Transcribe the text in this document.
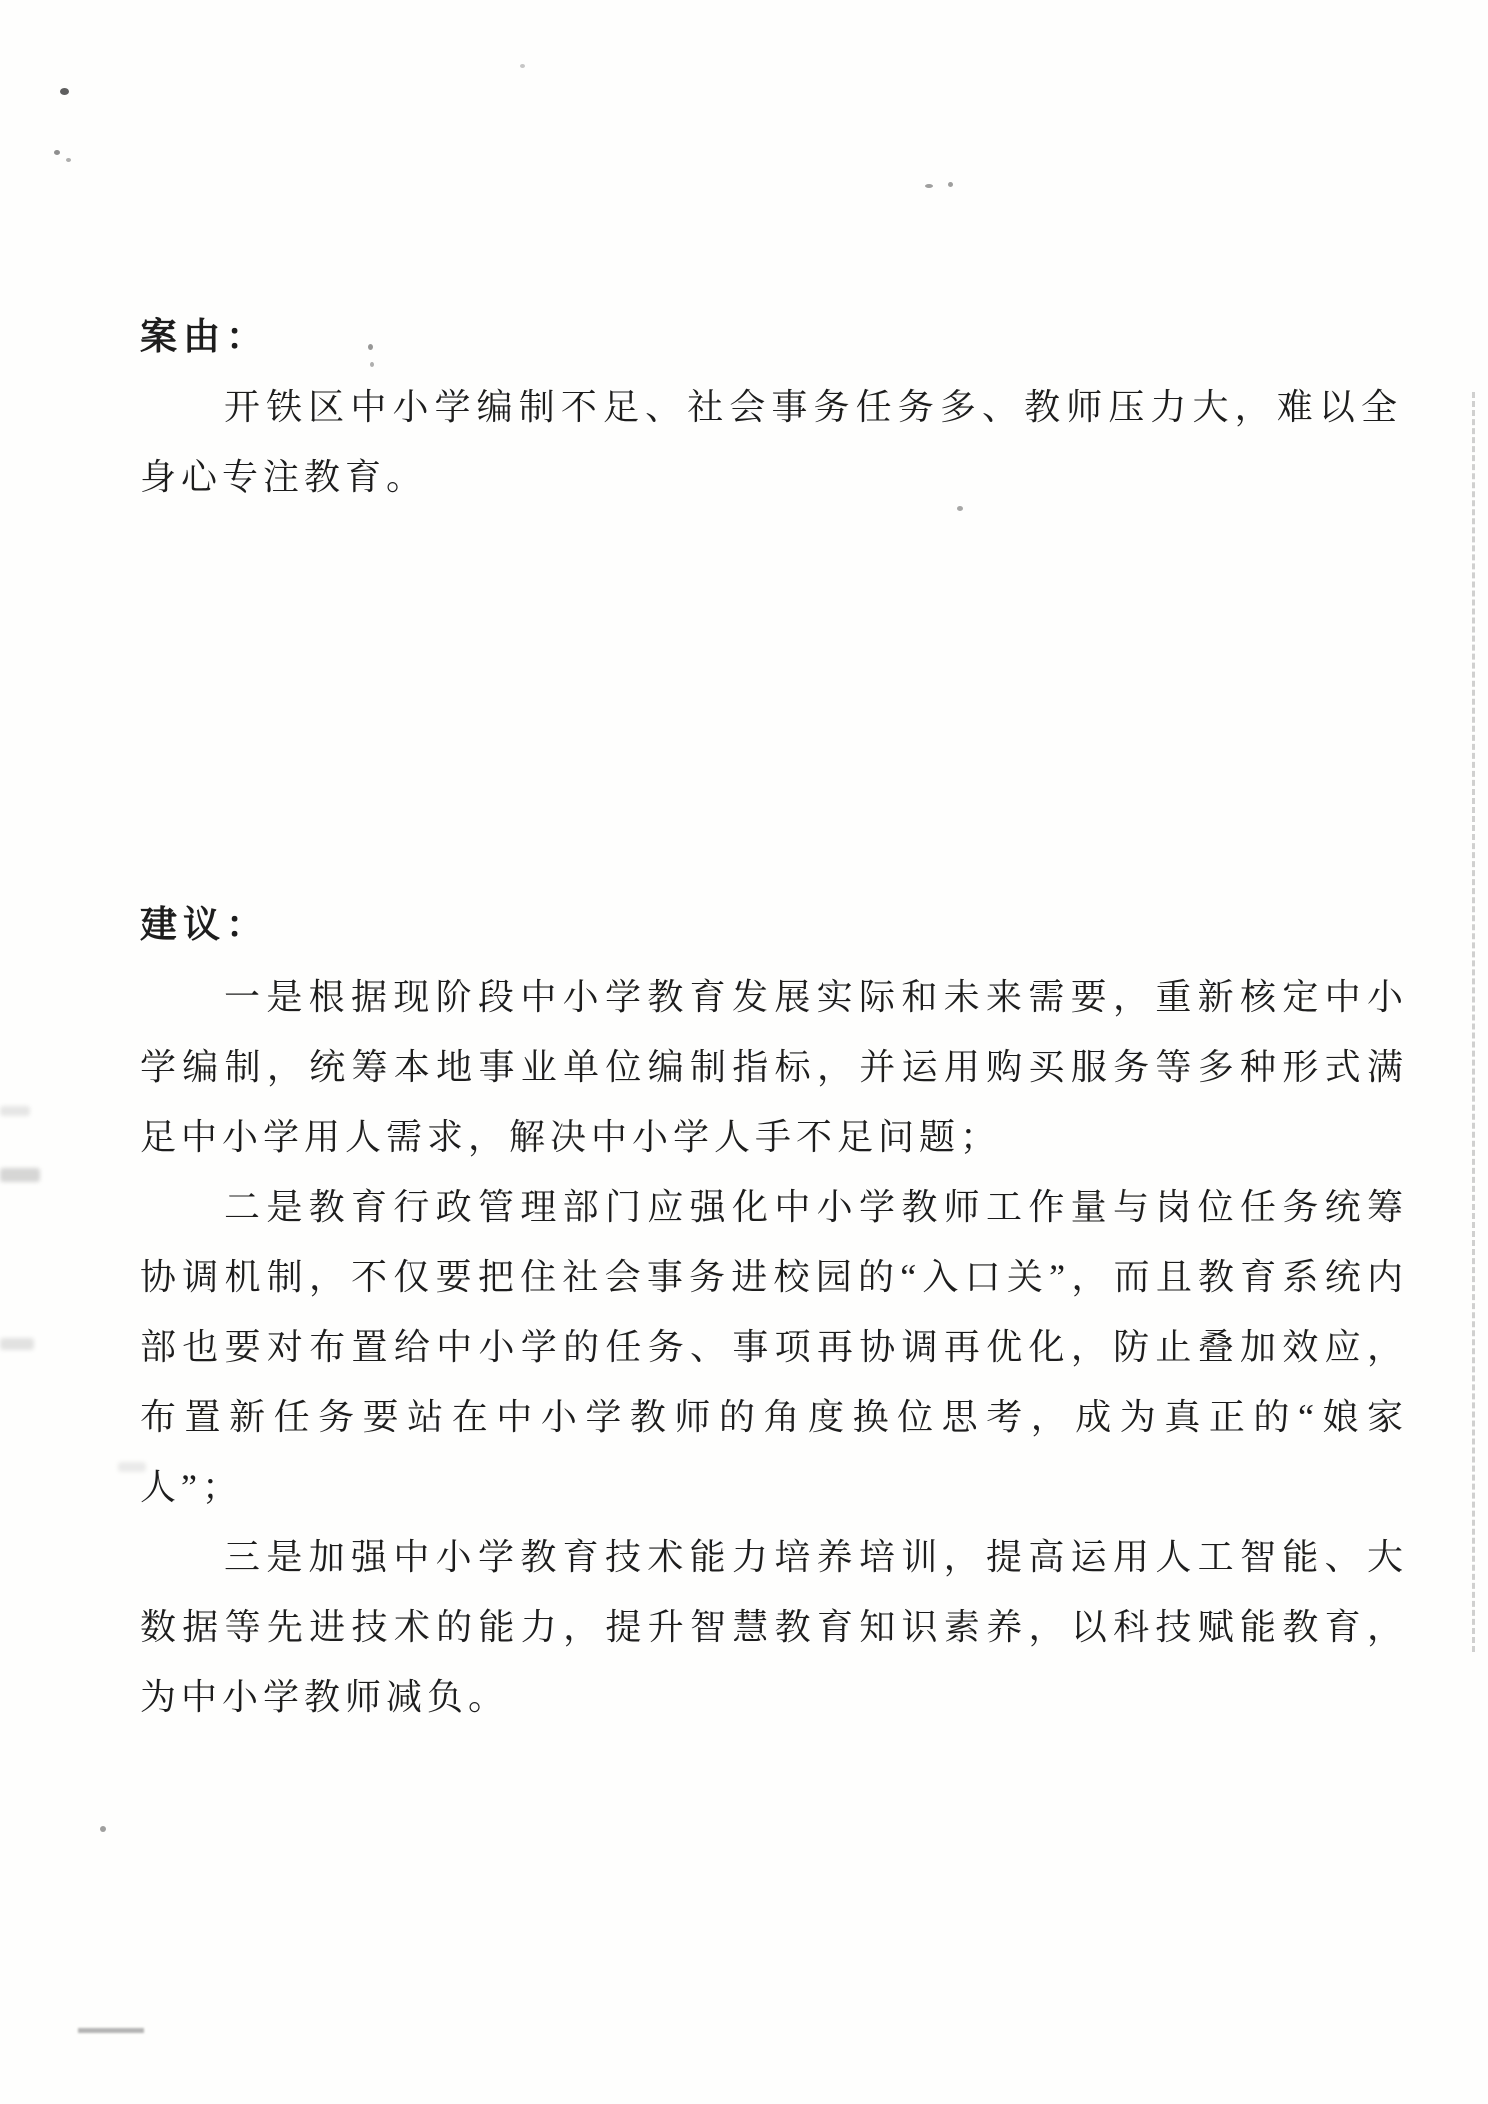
案由：

开铁区中小学编制不足、社会事务任务多、教师压力大，难以全身心专注教育。

建议：

一是根据现阶段中小学教育发展实际和未来需要，重新核定中小学编制，统筹本地事业单位编制指标，并运用购买服务等多种形式满足中小学用人需求，解决中小学人手不足问题；

二是教育行政管理部门应强化中小学教师工作量与岗位任务统筹协调机制，不仅要把住社会事务进校园的“入口关”，而且教育系统内部也要对布置给中小学的任务、事项再协调再优化，防止叠加效应，布置新任务要站在中小学教师的角度换位思考，成为真正的“娘家人”；

三是加强中小学教育技术能力培养培训，提高运用人工智能、大数据等先进技术的能力，提升智慧教育知识素养，以科技赋能教育，为中小学教师减负。
